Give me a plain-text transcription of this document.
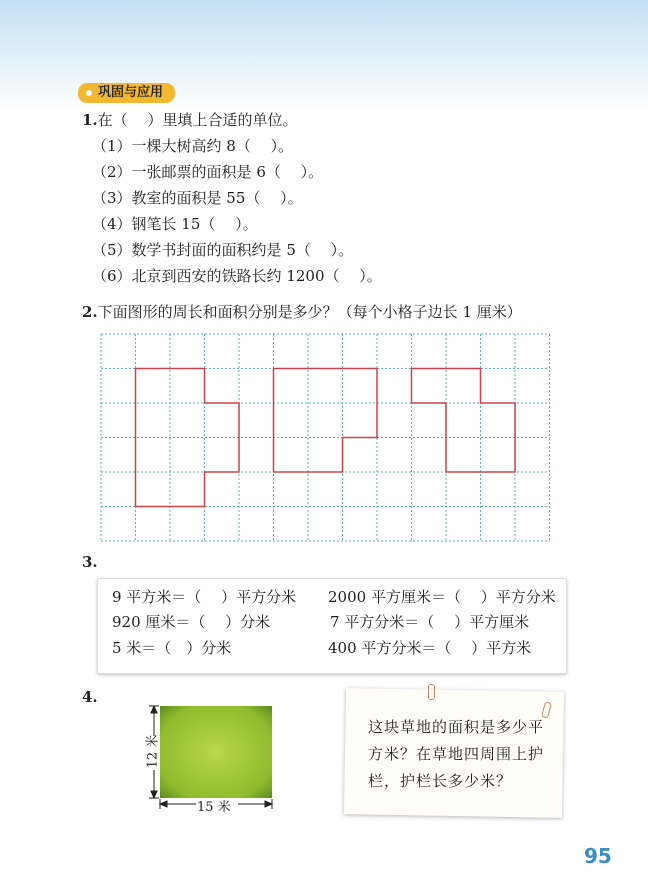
巩固与应用
1.在（　 ）里填上合适的单位。
（1）一棵大树高约 8（　 ）。
（2）一张邮票的面积是 6（　 ）。
（3）教室的面积是 55（　 ）。
（4）钢笔长 15（　 ）。
（5）数学书封面的面积约是 5（　 ）。
（6）北京到西安的铁路长约 1200（　 ）。
2.下面图形的周长和面积分别是多少？（每个小格子边长 1 厘米）
3.
9 平方米＝（　 ）平方分米 2000 平方厘米＝（　 ）平方分米
920 厘米＝（　 ）分米	7 平方分米＝（　 ）平方厘米
5 米＝（　）分米	400 平方分米＝（　 ）平方米
4.
12 米
15 米
这块草地的面积是多少平方米？在草地四周围上护栏，护栏长多少米？
95
